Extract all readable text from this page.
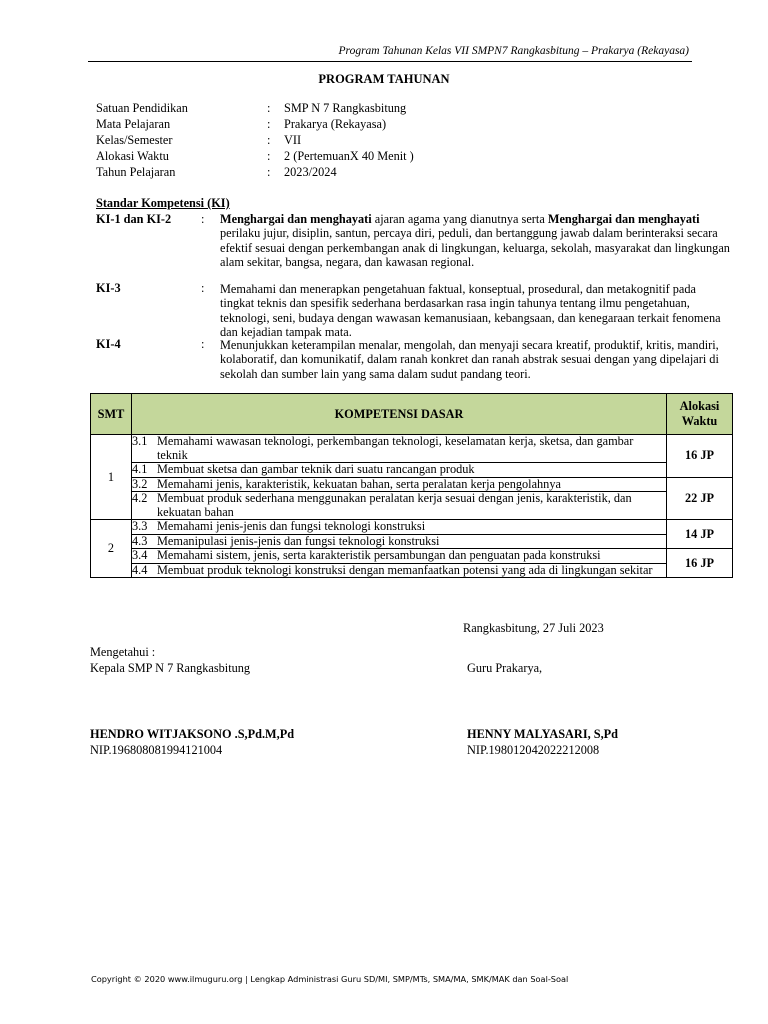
Program Tahunan Kelas VII SMPN7 Rangkasbitung – Prakarya (Rekayasa)
PROGRAM TAHUNAN
Satuan Pendidikan	: SMP N 7 Rangkasbitung
Mata Pelajaran	: Prakarya (Rekayasa)
Kelas/Semester	: VII
Alokasi Waktu	: 2 (PertemuanX 40 Menit )
Tahun Pelajaran	: 2023/2024
Standar Kompetensi (KI)
KI-1 dan KI-2 : Menghargai dan menghayati ajaran agama yang dianutnya serta Menghargai dan menghayati perilaku jujur, disiplin, santun, percaya diri, peduli, dan bertanggung jawab dalam berinteraksi secara efektif sesuai dengan perkembangan anak di lingkungan, keluarga, sekolah, masyarakat dan lingkungan alam sekitar, bangsa, negara, dan kawasan regional.
KI-3	: Memahami dan menerapkan pengetahuan faktual, konseptual, prosedural, dan metakognitif pada tingkat teknis dan spesifik sederhana berdasarkan rasa ingin tahunya tentang ilmu pengetahuan, teknologi, seni, budaya dengan wawasan kemanusiaan, kebangsaan, dan kenegaraan terkait fenomena dan kejadian tampak mata.
KI-4	: Menunjukkan keterampilan menalar, mengolah, dan menyaji secara kreatif, produktif, kritis, mandiri, kolaboratif, dan komunikatif, dalam ranah konkret dan ranah abstrak sesuai dengan yang dipelajari di sekolah dan sumber lain yang sama dalam sudut pandang teori.
SMT	KOMPETENSI DASAR	Alokasi Waktu
1	3.1 Memahami wawasan teknologi, perkembangan teknologi, keselamatan kerja, sketsa, dan gambar teknik	16 JP

	4.1 Membuat sketsa dan gambar teknik dari suatu rancangan produk	

	3.2 Memahami jenis, karakteristik, kekuatan bahan, serta peralatan kerja pengolahnya	22 JP

	4.2 Membuat produk sederhana menggunakan peralatan kerja sesuai dengan jenis, karakteristik, dan kekuatan bahan	

2	3.3 Memahami jenis-jenis dan fungsi teknologi konstruksi	14 JP

	4.3 Memanipulasi jenis-jenis dan fungsi teknologi konstruksi	

	3.4 Memahami sistem, jenis, serta karakteristik persambungan dan penguatan pada konstruksi	16 JP

	4.4 Membuat produk teknologi konstruksi dengan memanfaatkan potensi yang ada di lingkungan sekitar	
Rangkasbitung, 27 Juli 2023
Mengetahui :
Kepala SMP N 7 Rangkasbitung	Guru Prakarya,
HENDRO WITJAKSONO .S,Pd.M,Pd
NIP.196808081994121004
HENNY MALYASARI, S,Pd
NIP.198012042022212008
Copyright © 2020 www.ilmuguru.org | Lengkap Administrasi Guru SD/MI, SMP/MTs, SMA/MA, SMK/MAK dan Soal-Soal
